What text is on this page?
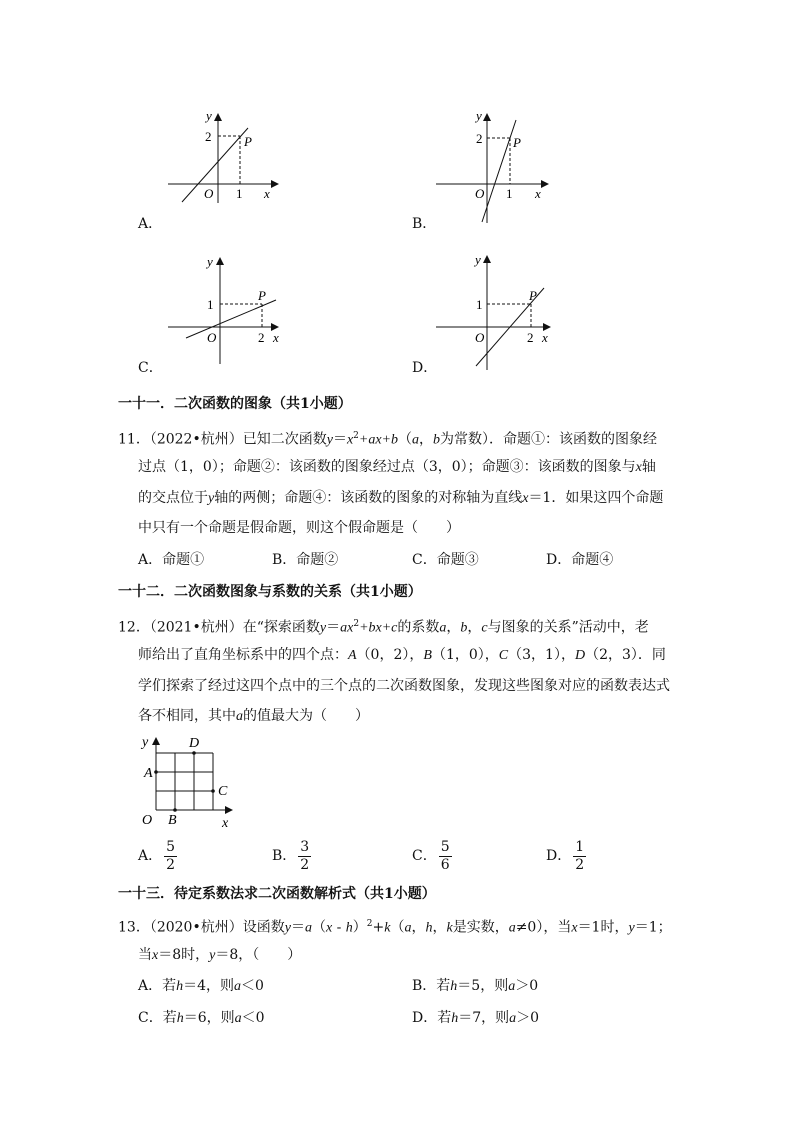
y
2
1
O	x
P
A．
y
2
1
O	x
P
B．
y
1
2
O	x
P
C．
y
1
2
O	x
P
D．
一十一．二次函数的图象（共1小题）
11．（2022•杭州）已知二次函数$y=x^2+ax+b(a$，b为常数）．命题①：该函数的图象经
过点（1，0）；命题②：该函数的图象经过点（3，0）；命题③：该函数的图象与x轴
的交点位于y轴的两侧；命题④：该函数的图象的对称轴为直线x＝1．如果这四个命题
中只有一个命题是假命题，则这个假命题是（　　）
A．命题①	B．命题②	C．命题③	D．命题④
一十二．二次函数图象与系数的关系（共1小题）
12．（2021•杭州）在“探索函数$y=ax^2+bx+c$的系数a，b，c与图象的关系”活动中，老
师给出了直角坐标系中的四个点：A（0，2），B（1，0），C（3，1），D（2，3）．同
学们探索了经过这四个点中的三个点的二次函数图象，发现这些图象对应的函数表达式
各不相同，其中a的值最大为（　　）
y
x
O
A
B
C
D
A． $\frac{5}{2}$	B． $\frac{3}{2}$	C． $\frac{5}{6}$	D． $\frac{1}{2}$
一十三．待定系数法求二次函数解析式（共1小题）
13．（2020•杭州）设函数y＝a（x - h）$^2$+k（a，h，k是实数，a≠0），当x＝1时，y＝1；
当x＝8时，y＝8，（　　）
A．若h＝4，则a＜0	B．若h＝5，则a＞0
C．若h＝6，则a＜0	D．若h＝7，则a＞0
